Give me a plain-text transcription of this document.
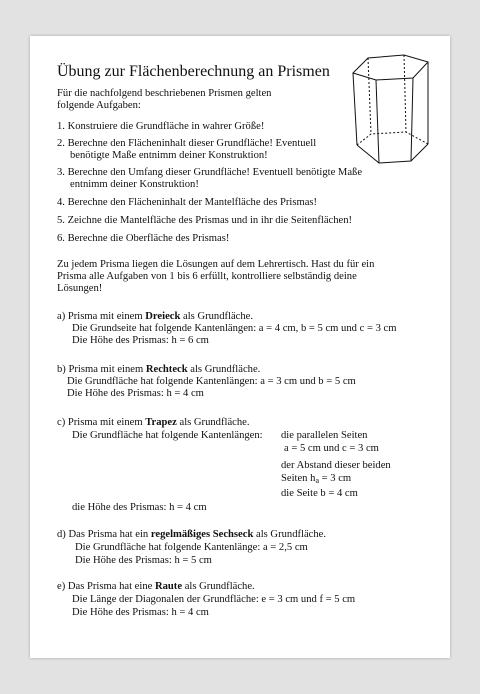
Übung zur Flächenberechnung an Prismen
Für die nachfolgend beschriebenen Prismen gelten
folgende Aufgaben:
1. Konstruiere die Grundfläche in wahrer Größe!
2. Berechne den Flächeninhalt dieser Grundfläche! Eventuell
benötigte Maße entnimm deiner Konstruktion!
3. Berechne den Umfang dieser Grundfläche! Eventuell benötigte Maße
entnimm deiner Konstruktion!
4. Berechne den Flächeninhalt der Mantelfläche des Prismas!
5. Zeichne die Mantelfläche des Prismas und in ihr die Seitenflächen!
6. Berechne die Oberfläche des Prismas!
Zu jedem Prisma liegen die Lösungen auf dem Lehrertisch. Hast du für ein
Prisma alle Aufgaben von 1 bis 6 erfüllt, kontrolliere selbständig deine
Lösungen!
a) Prisma mit einem Dreieck als Grundfläche.
Die Grundseite hat folgende Kantenlängen: a = 4 cm, b = 5 cm und c = 3 cm
Die Höhe des Prismas: h = 6 cm
b) Prisma mit einem Rechteck als Grundfläche.
Die Grundfläche hat folgende Kantenlängen: a = 3 cm und b = 5 cm
Die Höhe des Prismas: h = 4 cm
c) Prisma mit einem Trapez als Grundfläche.
Die Grundfläche hat folgende Kantenlängen: die parallelen Seiten
a = 5 cm und c = 3 cm
der Abstand dieser beiden
Seiten $h_a = 3$ cm
die Seite b = 4 cm
die Höhe des Prismas: h = 4 cm
d) Das Prisma hat ein regelmäßiges Sechseck als Grundfläche.
Die Grundfläche hat folgende Kantenlänge: a = 2,5 cm
Die Höhe des Prismas: h = 5 cm
e) Das Prisma hat eine Raute als Grundfläche.
Die Länge der Diagonalen der Grundfläche: e = 3 cm und f = 5 cm
Die Höhe des Prismas: h = 4 cm
